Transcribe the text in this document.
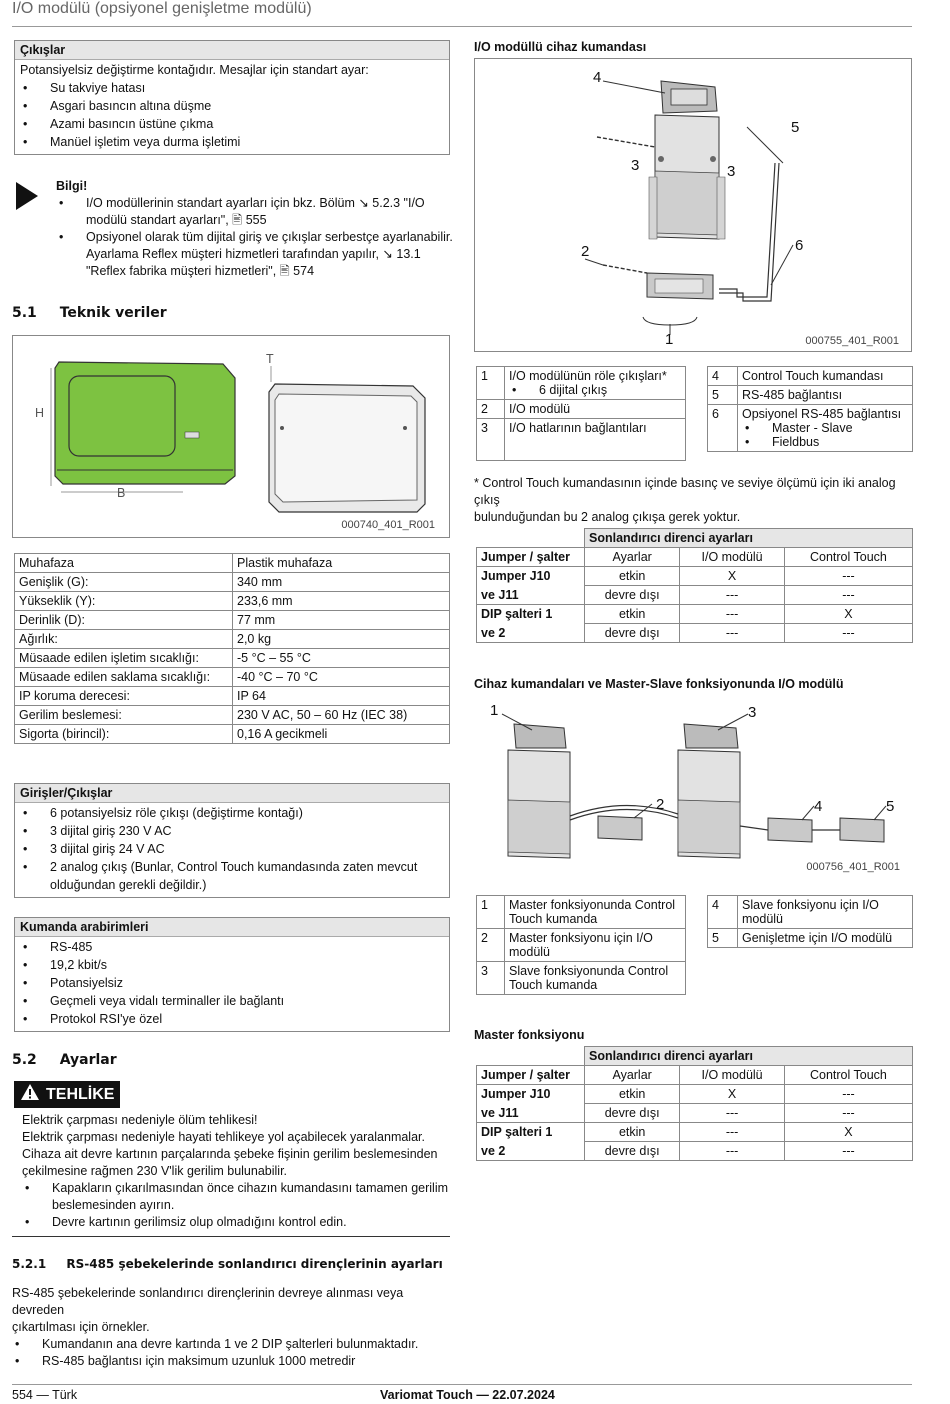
I/O modülü (opsiyonel genişletme modülü)
Çıkışlar
Potansiyelsiz değiştirme kontağıdır. Mesajlar için standart ayar:
• Su takviye hatası
• Asgari basıncın altına düşme
• Azami basıncın üstüne çıkma
• Manüel işletim veya durma işletimi
Bilgi!
• I/O modüllerinin standart ayarları için bkz. Bölüm ↘ 5.2.3 "I/O
modülü standart ayarları", 🖹 555
• Opsiyonel olarak tüm dijital giriş ve çıkışlar serbestçe ayarlanabilir.
Ayarlama Reflex müşteri hizmetleri tarafından yapılır, ↘ 13.1
"Reflex fabrika müşteri hizmetleri", 🖹 574
5.1 Teknik veriler
H
T
B
000740_401_R001
Muhafaza	Plastik muhafaza
Genişlik (G):	340 mm
Yükseklik (Y):	233,6 mm
Derinlik (D):	77 mm
Ağırlık:	2,0 kg
Müsaade edilen işletim sıcaklığı:	-5 °C – 55 °C
Müsaade edilen saklama sıcaklığı:	-40 °C – 70 °C
IP koruma derecesi:	IP 64
Gerilim beslemesi:	230 V AC, 50 – 60 Hz (IEC 38)
Sigorta (birincil):	0,16 A gecikmeli
Girişler/Çıkışlar
• 6 potansiyelsiz röle çıkışı (değiştirme kontağı)
• 3 dijital giriş 230 V AC
• 3 dijital giriş 24 V AC
• 2 analog çıkış (Bunlar, Control Touch kumandasında zaten mevcut
olduğundan gerekli değildir.)
Kumanda arabirimleri
• RS-485
• 19,2 kbit/s
• Potansiyelsiz
• Geçmeli veya vidalı terminaller ile bağlantı
• Protokol RSI'ye özel
5.2 Ayarlar
TEHLİKE
Elektrik çarpması nedeniyle ölüm tehlikesi!
Elektrik çarpması nedeniyle hayati tehlikeye yol açabilecek yaralanmalar.
Cihaza ait devre kartının parçalarında şebeke fişinin gerilim beslemesinden
çekilmesine rağmen 230 V'lik gerilim bulunabilir.
• Kapakların çıkarılmasından önce cihazın kumandasını tamamen gerilim
beslemesinden ayırın.
• Devre kartının gerilimsiz olup olmadığını kontrol edin.
5.2.1 RS-485 şebekelerinde sonlandırıcı dirençlerinin ayarları
RS-485 şebekelerinde sonlandırıcı dirençlerinin devreye alınması veya devreden
çıkartılması için örnekler.
• Kumandanın ana devre kartında 1 ve 2 DIP şalterleri bulunmaktadır.
• RS-485 bağlantısı için maksimum uzunluk 1000 metredir
I/O modüllü cihaz kumandası
4
5
3	3
2	6
1	000755_401_R001
1	I/O modülünün röle çıkışları*
• 6 dijital çıkış

2	I/O modülü
3	I/O hatlarının bağlantıları
4	Control Touch kumandası
5	RS-485 bağlantısı
6	Opsiyonel RS-485 bağlantısı
• Master - Slave
• Fieldbus
* Control Touch kumandasının içinde basınç ve seviye ölçümü için iki analog çıkış
bulunduğundan bu 2 analog çıkışa gerek yoktur.
	Sonlandırıcı direnci ayarları		
Jumper / şalter	Ayarlar	I/O modülü	Control Touch
Jumper J10	etkin	X	---
ve J11	devre dışı	---	---
DIP şalteri 1	etkin	---	X
ve 2	devre dışı	---	---
Cihaz kumandaları ve Master-Slave fonksiyonunda I/O modülü
1	3
2	4	5
000756_401_R001
1	Master fonksiyonunda Control
Touch kumanda

2	Master fonksiyonu için I/O
modülü

3	Slave fonksiyonunda Control
Touch kumanda
4	Slave fonksiyonu için I/O
modülü

5	Genişletme için I/O modülü
Master fonksiyonu
	Sonlandırıcı direnci ayarları		
Jumper / şalter	Ayarlar	I/O modülü	Control Touch
Jumper J10	etkin	X	---
ve J11	devre dışı	---	---
DIP şalteri 1	etkin	---	X
ve 2	devre dışı	---	---
554 — Türk	Variomat Touch — 22.07.2024
